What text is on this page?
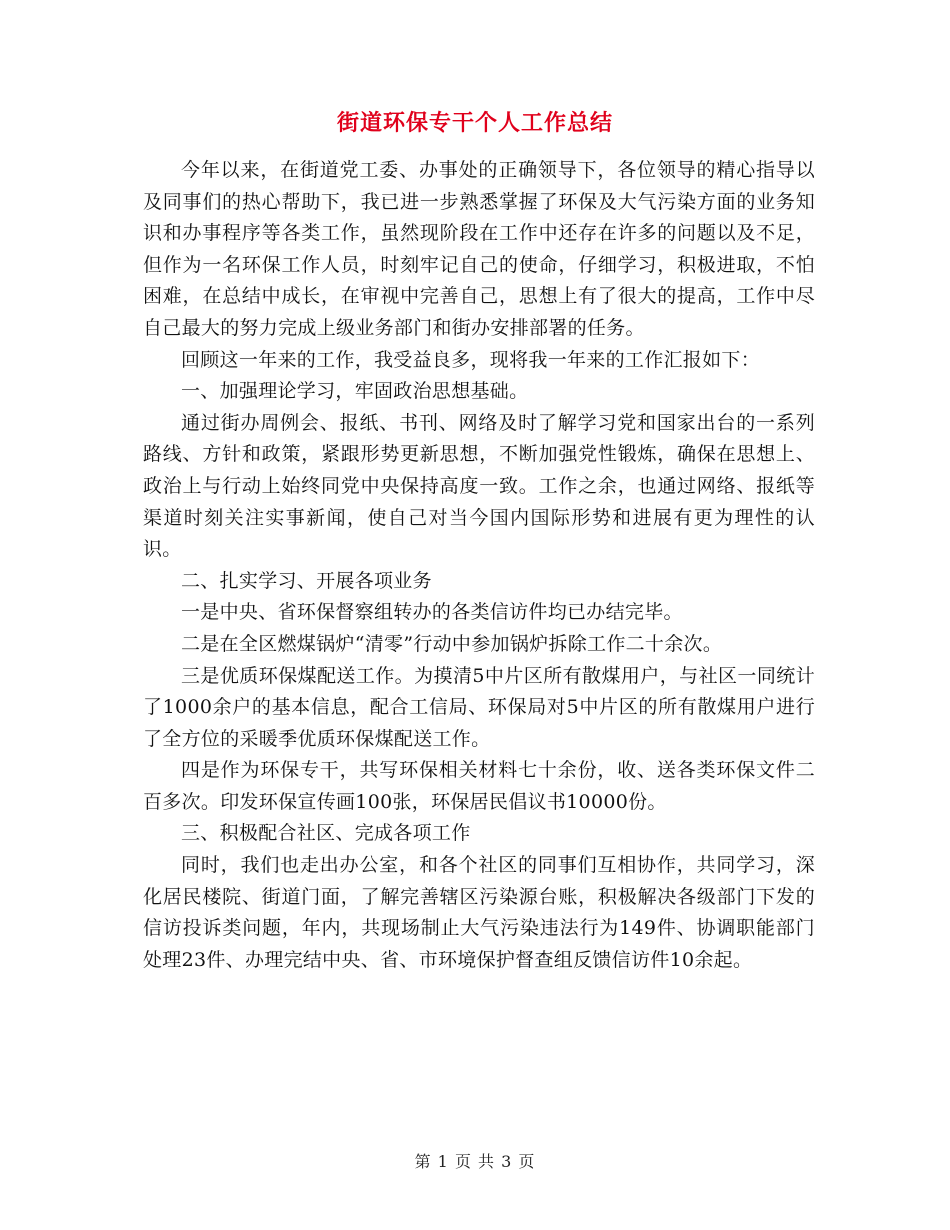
街道环保专干个人工作总结

今年以来，在街道党工委、办事处的正确领导下，各位领导的精心指导以及同事们的热心帮助下，我已进一步熟悉掌握了环保及大气污染方面的业务知识和办事程序等各类工作，虽然现阶段在工作中还存在许多的问题以及不足，但作为一名环保工作人员，时刻牢记自己的使命，仔细学习，积极进取，不怕困难，在总结中成长，在审视中完善自己，思想上有了很大的提高，工作中尽自己最大的努力完成上级业务部门和街办安排部署的任务。

回顾这一年来的工作，我受益良多，现将我一年来的工作汇报如下：

一、加强理论学习，牢固政治思想基础。

通过街办周例会、报纸、书刊、网络及时了解学习党和国家出台的一系列路线、方针和政策，紧跟形势更新思想，不断加强党性锻炼，确保在思想上、政治上与行动上始终同党中央保持高度一致。工作之余，也通过网络、报纸等渠道时刻关注实事新闻，使自己对当今国内国际形势和进展有更为理性的认识。

二、扎实学习、开展各项业务

一是中央、省环保督察组转办的各类信访件均已办结完毕。

二是在全区燃煤锅炉“清零”行动中参加锅炉拆除工作二十余次。

三是优质环保煤配送工作。为摸清5中片区所有散煤用户，与社区一同统计了1000余户的基本信息，配合工信局、环保局对5中片区的所有散煤用户进行了全方位的采暖季优质环保煤配送工作。

四是作为环保专干，共写环保相关材料七十余份，收、送各类环保文件二百多次。印发环保宣传画100张，环保居民倡议书10000份。

三、积极配合社区、完成各项工作

同时，我们也走出办公室，和各个社区的同事们互相协作，共同学习，深化居民楼院、街道门面，了解完善辖区污染源台账，积极解决各级部门下发的信访投诉类问题，年内，共现场制止大气污染违法行为149件、协调职能部门处理23件、办理完结中央、省、市环境保护督查组反馈信访件10余起。

第 1 页 共 3 页
